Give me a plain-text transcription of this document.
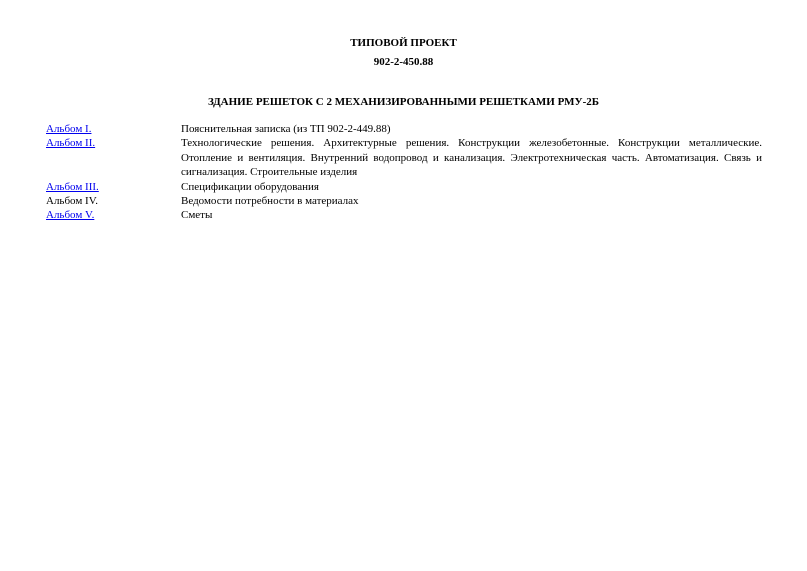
ТИПОВОЙ ПРОЕКТ
902-2-450.88
ЗДАНИЕ РЕШЕТОК С 2 МЕХАНИЗИРОВАННЫМИ РЕШЕТКАМИ РМУ-2Б
Альбом I.	Пояснительная записка (из ТП 902-2-449.88)
Альбом II.	Технологические решения. Архитектурные решения. Конструкции железобетонные. Конструкции металлические. Отопление и вентиляция. Внутренний водопровод и канализация. Электротехническая часть. Автоматизация. Связь и сигнализация. Строительные изделия
Альбом III.	Спецификации оборудования
Альбом IV.	Ведомости потребности в материалах
Альбом V.	Сметы
